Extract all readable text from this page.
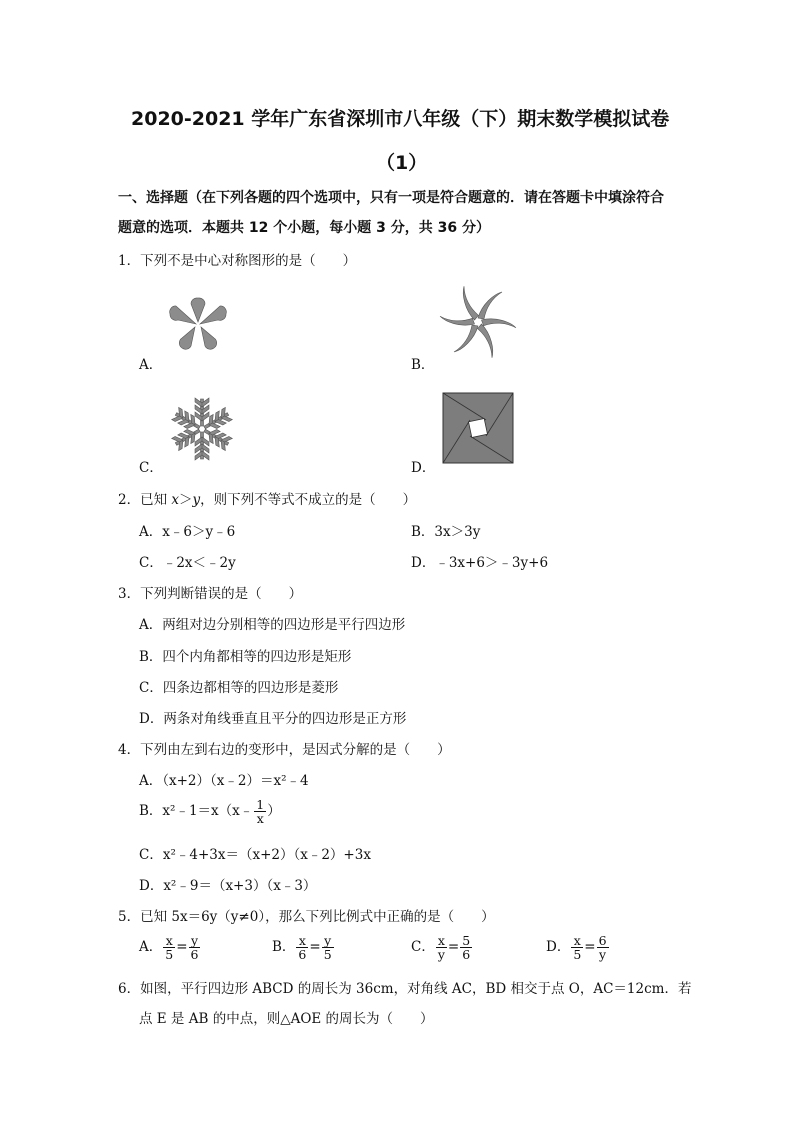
2020-2021 学年广东省深圳市八年级（下）期末数学模拟试卷
（1）
一、选择题（在下列各题的四个选项中，只有一项是符合题意的．请在答题卡中填涂符合
题意的选项．本题共 12 个小题，每小题 3 分，共 36 分）
1．下列不是中心对称图形的是（　　）
A．	B．
C．	D．
2．已知 x＞y，则下列不等式不成立的是（　　）
A．x﹣6＞y﹣6	B．3x＞3y
C．﹣2x＜﹣2y	D．﹣3x+6＞﹣3y+6
3．下列判断错误的是（　　）
A．两组对边分别相等的四边形是平行四边形
B．四个内角都相等的四边形是矩形
C．四条边都相等的四边形是菱形
D．两条对角线垂直且平分的四边形是正方形
4．下列由左到右边的变形中，是因式分解的是（　　）
A．（x+2）（x﹣2）＝x²﹣4
B．x²﹣1＝x（x﹣ $\frac{1}{x}$ ）
C．x²﹣4+3x＝（x+2）（x﹣2）+3x
D．x²﹣9＝（x+3）（x﹣3）
5．已知 5x＝6y（y≠0），那么下列比例式中正确的是（　　）
A． $\frac{x}{5} = \frac{y}{6}$	B． $\frac{x}{6} = \frac{y}{5}$	C． $\frac{x}{y} = \frac{5}{6}$	D． $\frac{x}{5} = \frac{6}{y}$
6．如图，平行四边形 ABCD 的周长为 36cm，对角线 AC，BD 相交于点 O，AC＝12cm．若
点 E 是 AB 的中点，则△AOE 的周长为（　　）
